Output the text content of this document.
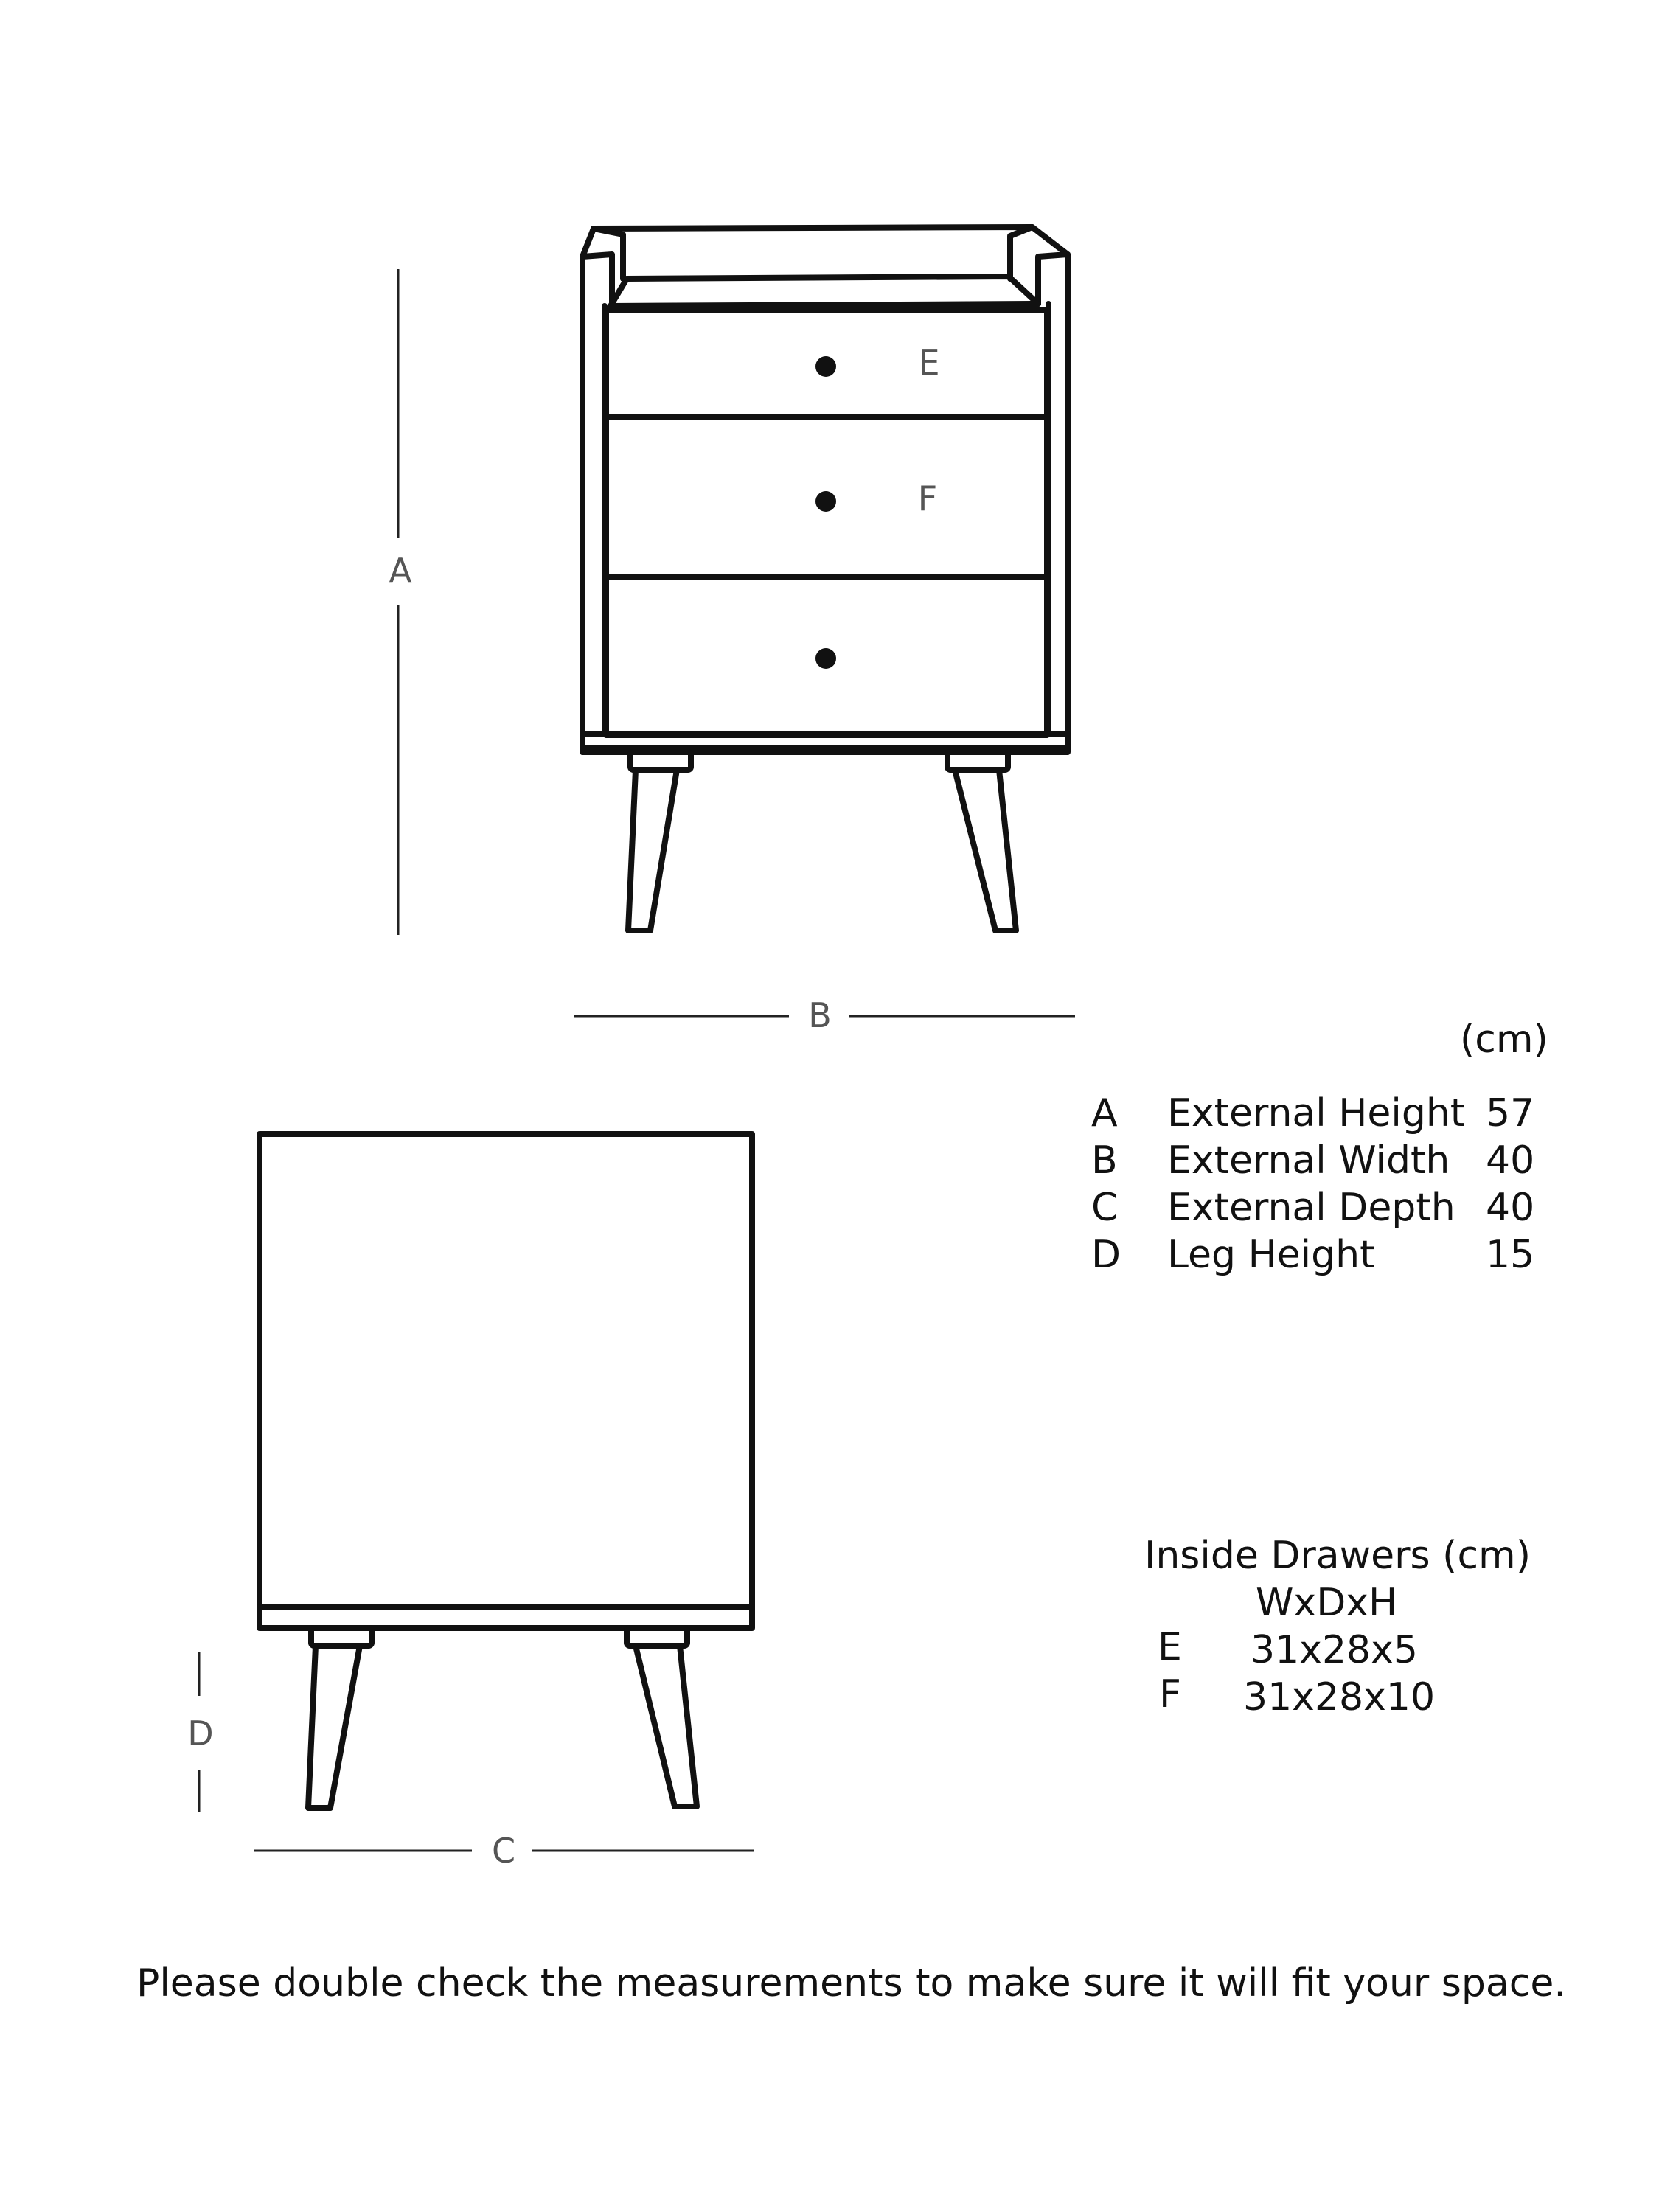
A
B
C
D
E
F
(cm)
A External Height 57
B External Width 40
C External Depth 40
D Leg Height	15
Inside Drawers (cm)
WxDxH
E 31x28x5
F 31x28x10
Please double check the measurements to make sure it will fit your space.
